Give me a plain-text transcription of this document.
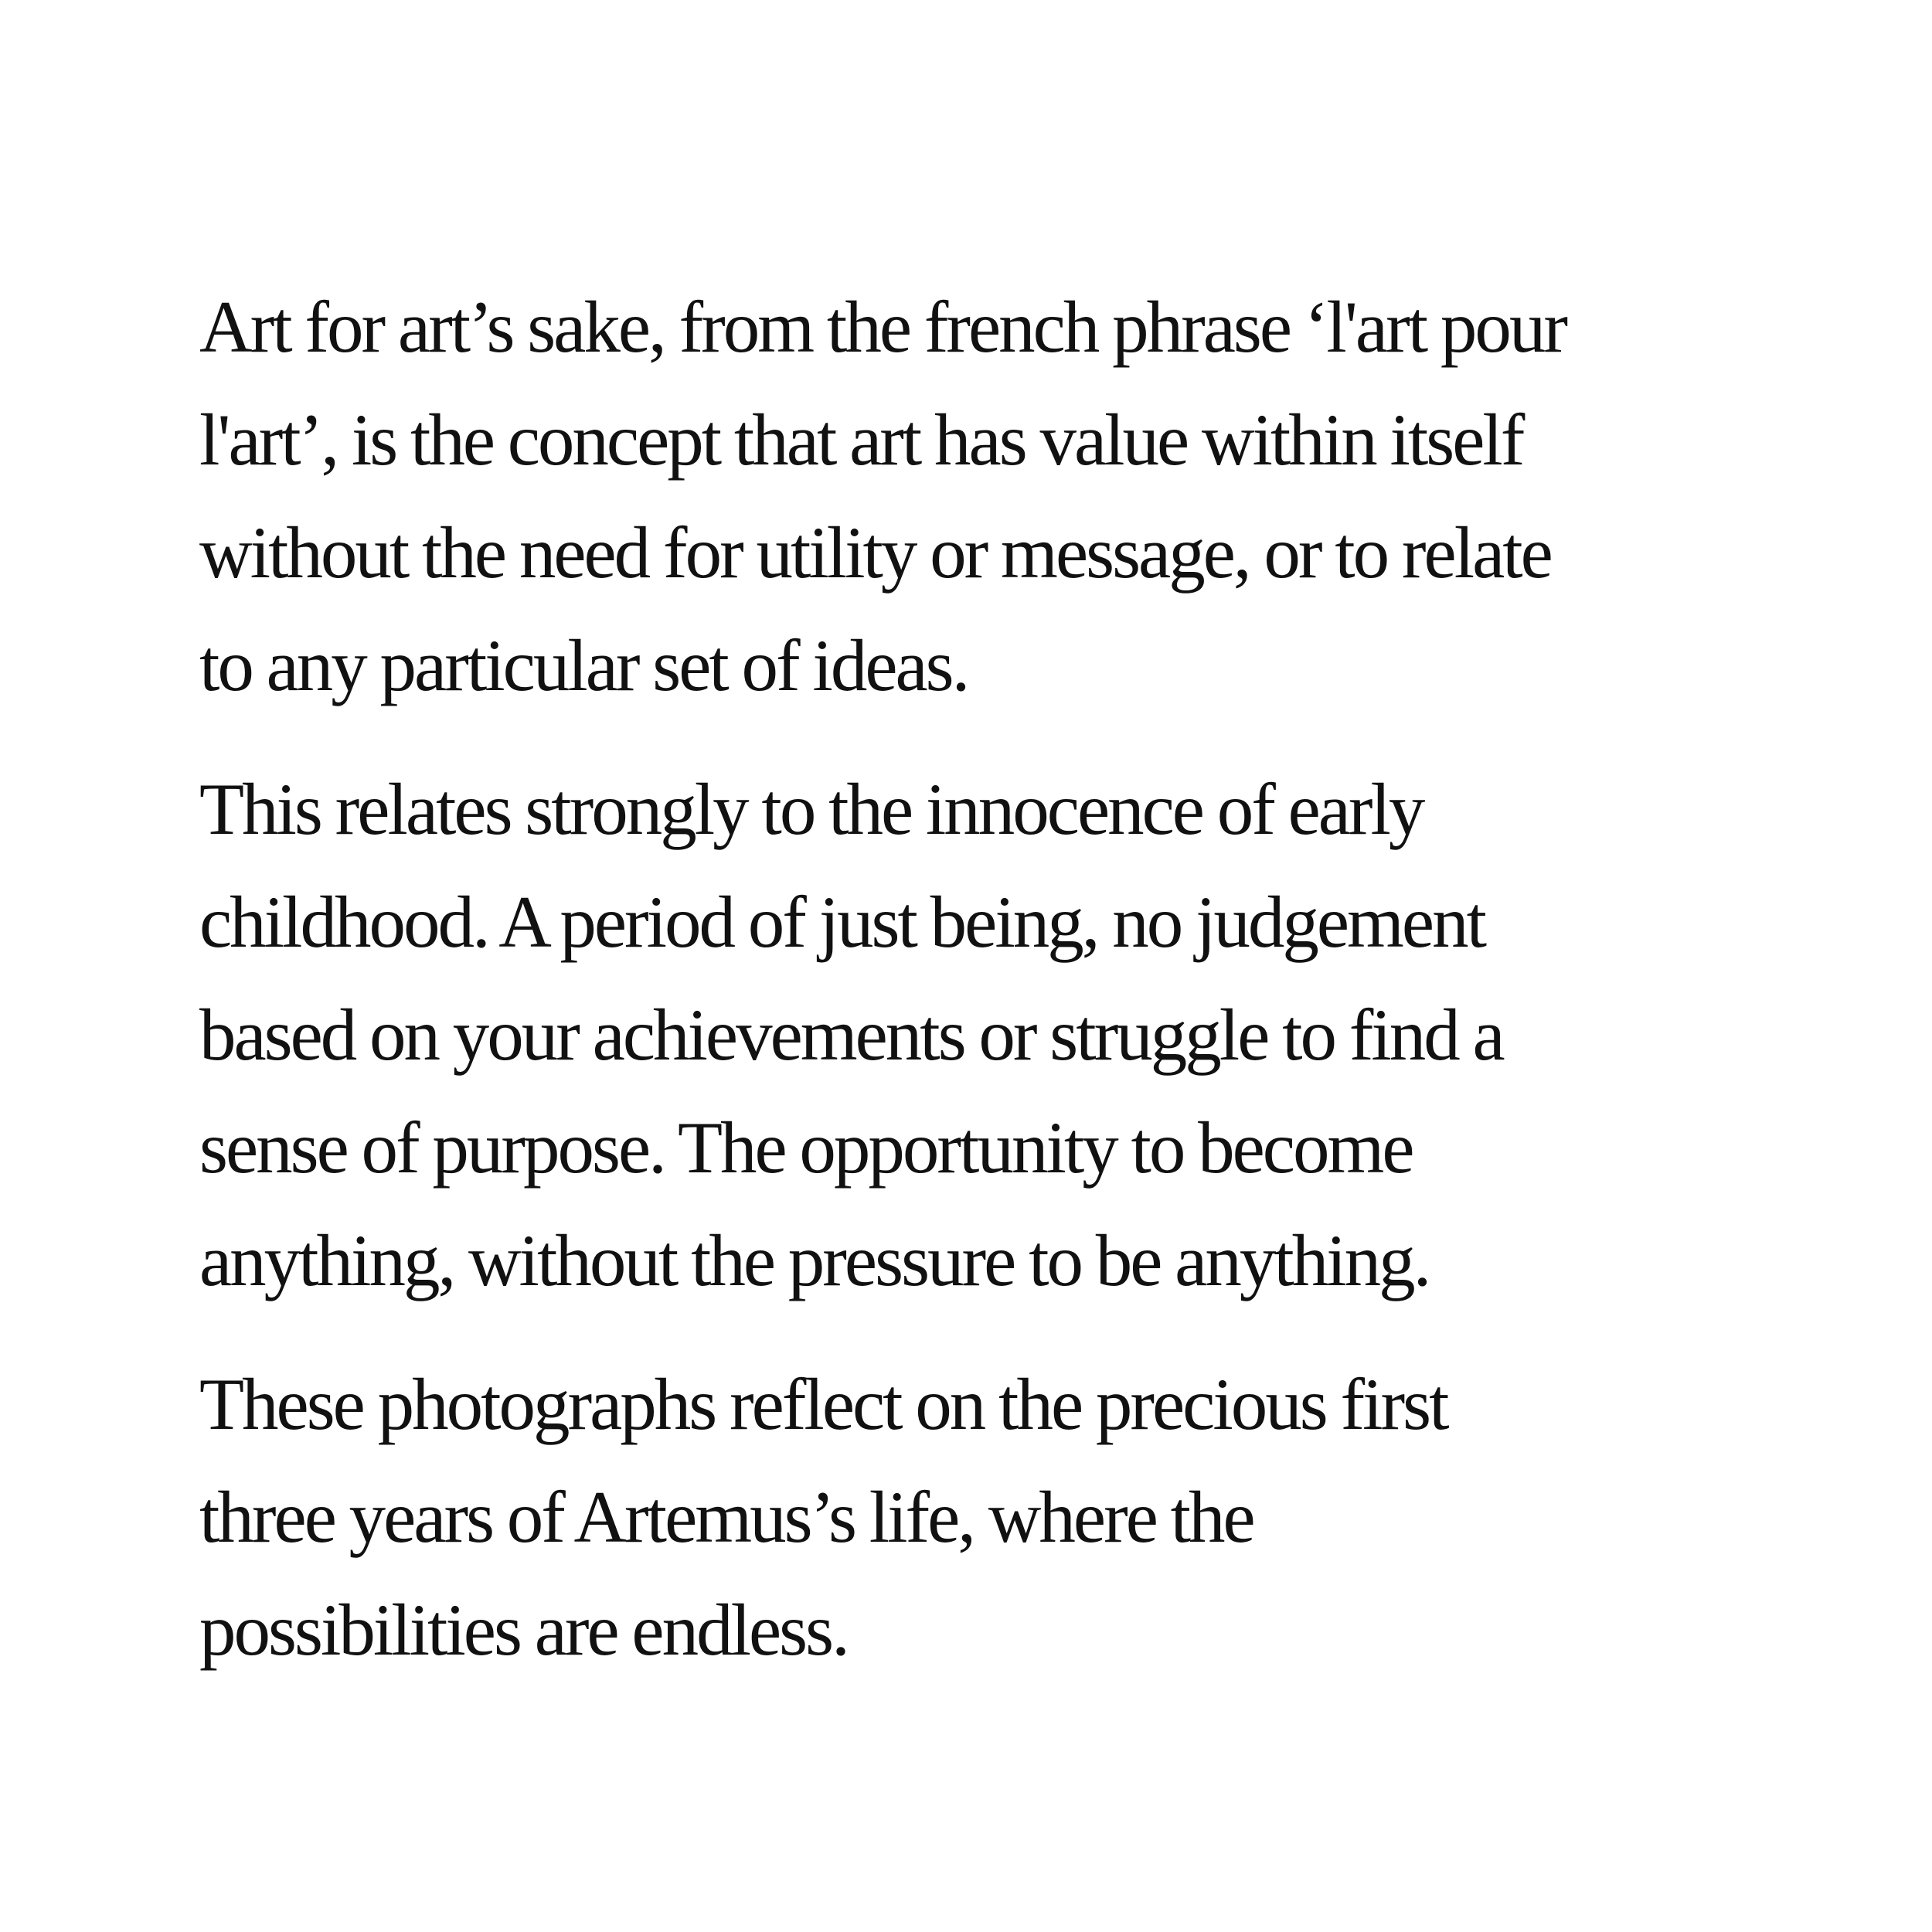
Art for art’s sake, from the french phrase ‘l'art pour
l'art’, is the concept that art has value within itself
without the need for utility or message, or to relate
to any particular set of ideas.

This relates strongly to the innocence of early
childhood. A period of just being, no judgement
based on your achievements or struggle to find a
sense of purpose. The opportunity to become
anything, without the pressure to be anything.

These photographs reflect on the precious first
three years of Artemus’s life, where the
possibilities are endless.
